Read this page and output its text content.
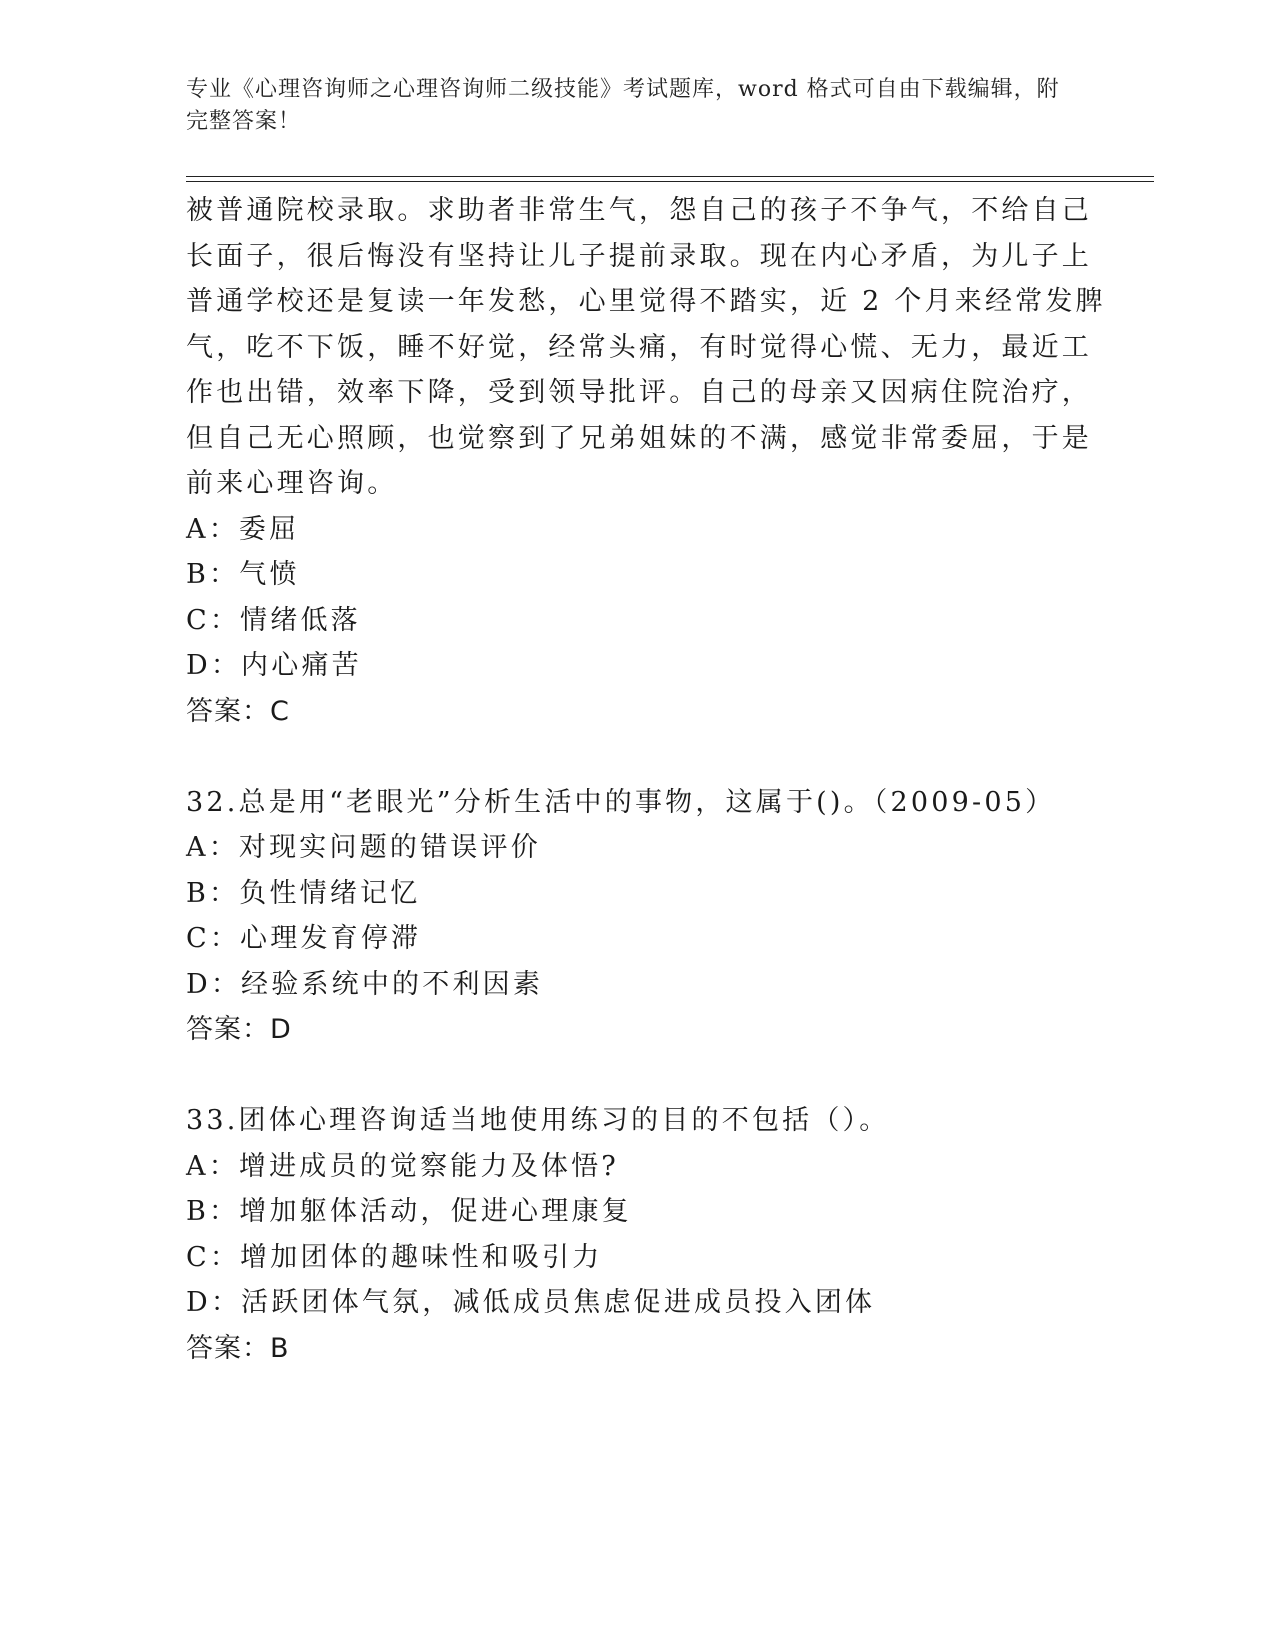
专业《心理咨询师之心理咨询师二级技能》考试题库，word 格式可自由下载编辑，附完整答案！
被普通院校录取。求助者非常生气，怨自己的孩子不争气，不给自己
长面子，很后悔没有坚持让儿子提前录取。现在内心矛盾，为儿子上
普通学校还是复读一年发愁，心里觉得不踏实，近 2 个月来经常发脾
气，吃不下饭，睡不好觉，经常头痛，有时觉得心慌、无力，最近工
作也出错，效率下降，受到领导批评。自己的母亲又因病住院治疗，
但自己无心照顾，也觉察到了兄弟姐妹的不满，感觉非常委屈，于是
前来心理咨询。
A：委屈
B：气愤
C：情绪低落
D：内心痛苦
答案：C
32.总是用“老眼光”分析生活中的事物，这属于()。（2009-05）
A：对现实问题的错误评价
B：负性情绪记忆
C：心理发育停滞
D：经验系统中的不利因素
答案：D
33.团体心理咨询适当地使用练习的目的不包括（）。
A：增进成员的觉察能力及体悟?
B：增加躯体活动，促进心理康复
C：增加团体的趣味性和吸引力
D：活跃团体气氛，减低成员焦虑促进成员投入团体
答案：B
